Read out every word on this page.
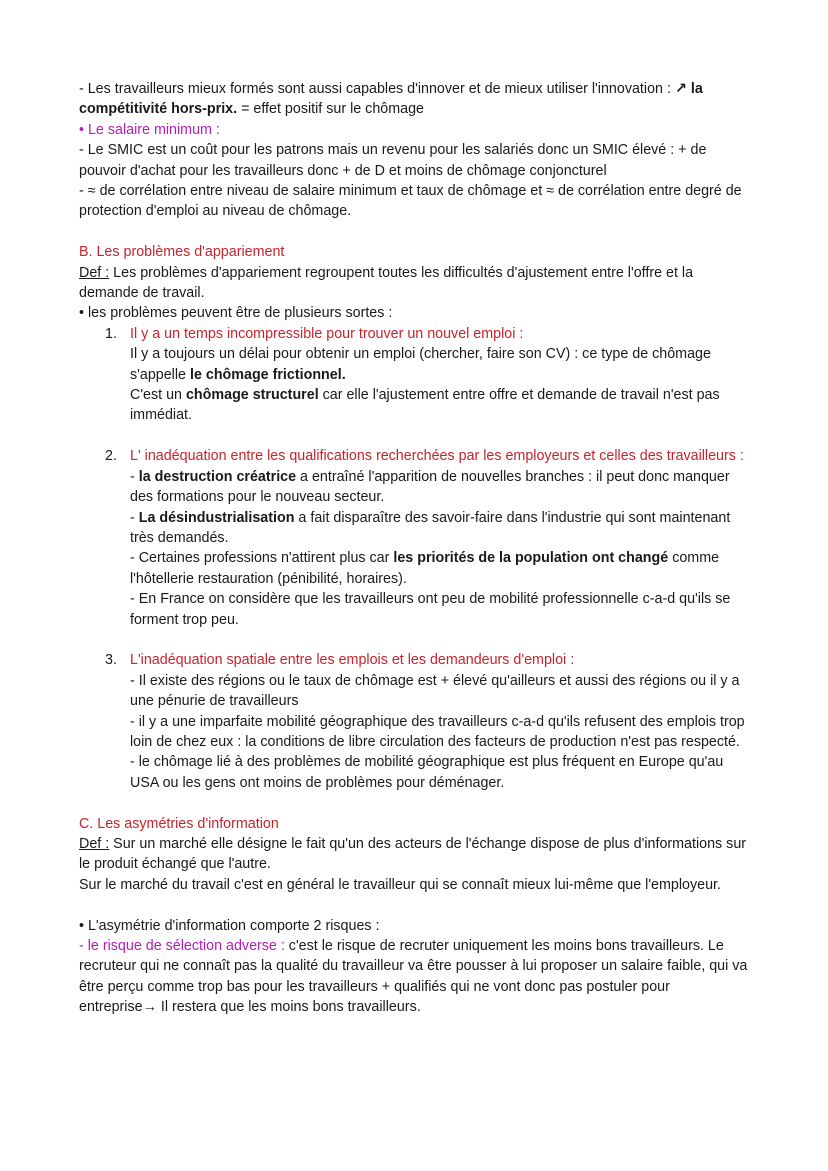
- Les travailleurs mieux formés sont aussi capables d'innover et de mieux utiliser l'innovation : ↗ la compétitivité hors-prix. = effet positif sur le chômage

• Le salaire minimum :

- Le SMIC est un coût pour les patrons mais un revenu pour les salariés donc un SMIC élevé : + de pouvoir d'achat pour les travailleurs donc + de D et moins de chômage conjoncturel

- ≈ de corrélation entre niveau de salaire minimum et taux de chômage et ≈ de corrélation entre degré de protection d'emploi au niveau de chômage.

B. Les problèmes d'appariement

Def : Les problèmes d'appariement regroupent toutes les difficultés d'ajustement entre l'offre et la demande de travail.

• les problèmes peuvent être de plusieurs sortes :

1. Il y a un temps incompressible pour trouver un nouvel emploi :

Il y a toujours un délai pour obtenir un emploi (chercher, faire son CV) : ce type de chômage s'appelle le chômage frictionnel.

C'est un chômage structurel car elle l'ajustement entre offre et demande de travail n'est pas immédiat.

2. L' inadéquation entre les qualifications recherchées par les employeurs et celles des travailleurs :

- la destruction créatrice a entraîné l'apparition de nouvelles branches : il peut donc manquer des formations pour le nouveau secteur.

- La désindustrialisation a fait disparaître des savoir-faire dans l'industrie qui sont maintenant très demandés.

- Certaines professions n'attirent plus car les priorités de la population ont changé comme l'hôtellerie restauration (pénibilité, horaires).

- En France on considère que les travailleurs ont peu de mobilité professionnelle c-a-d qu'ils se forment trop peu.

3. L'inadéquation spatiale entre les emplois et les demandeurs d'emploi :

- Il existe des régions ou le taux de chômage est + élevé qu'ailleurs et aussi des régions ou il y a une pénurie de travailleurs

- il y a une imparfaite mobilité géographique des travailleurs c-a-d qu'ils refusent des emplois trop loin de chez eux : la conditions de libre circulation des facteurs de production n'est pas respecté.

- le chômage lié à des problèmes de mobilité géographique est plus fréquent en Europe qu'au USA ou les gens ont moins de problèmes pour déménager.

C. Les asymétries d'information

Def : Sur un marché elle désigne le fait qu'un des acteurs de l'échange dispose de plus d'informations sur le produit échangé que l'autre.

Sur le marché du travail c'est en général le travailleur qui se connaît mieux lui-même que l'employeur.

• L'asymétrie d'information comporte 2 risques :

- le risque de sélection adverse : c'est le risque de recruter uniquement les moins bons travailleurs. Le recruteur qui ne connaît pas la qualité du travailleur va être pousser à lui proposer un salaire faible, qui va être perçu comme trop bas pour les travailleurs + qualifiés qui ne vont donc pas postuler pour entreprise→ Il restera que les moins bons travailleurs.
